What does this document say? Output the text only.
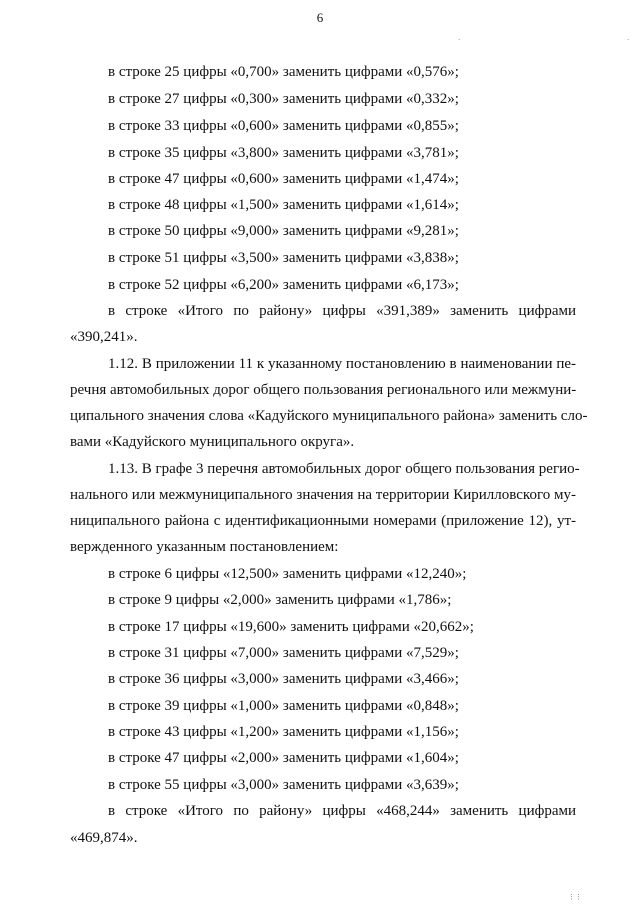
6
в строке 25 цифры «0,700» заменить цифрами «0,576»;
в строке 27 цифры «0,300» заменить цифрами «0,332»;
в строке 33 цифры «0,600» заменить цифрами «0,855»;
в строке 35 цифры «3,800» заменить цифрами «3,781»;
в строке 47 цифры «0,600» заменить цифрами «1,474»;
в строке 48 цифры «1,500» заменить цифрами «1,614»;
в строке 50 цифры «9,000» заменить цифрами «9,281»;
в строке 51 цифры «3,500» заменить цифрами «3,838»;
в строке 52 цифры «6,200» заменить цифрами «6,173»;
в строке «Итого по району» цифры «391,389» заменить цифрами
«390,241».
1.12. В приложении 11 к указанному постановлению в наименовании пе-
речня автомобильных дорог общего пользования регионального или межмуни-
ципального значения слова «Кадуйского муниципального района» заменить сло-
вами «Кадуйского муниципального округа».
1.13. В графе 3 перечня автомобильных дорог общего пользования регио-
нального или межмуниципального значения на территории Кирилловского му-
ниципального района с идентификационными номерами (приложение 12), ут-
вержденного указанным постановлением:
в строке 6 цифры «12,500» заменить цифрами «12,240»;
в строке 9 цифры «2,000» заменить цифрами «1,786»;
в строке 17 цифры «19,600» заменить цифрами «20,662»;
в строке 31 цифры «7,000» заменить цифрами «7,529»;
в строке 36 цифры «3,000» заменить цифрами «3,466»;
в строке 39 цифры «1,000» заменить цифрами «0,848»;
в строке 43 цифры «1,200» заменить цифрами «1,156»;
в строке 47 цифры «2,000» заменить цифрами «1,604»;
в строке 55 цифры «3,000» заменить цифрами «3,639»;
в строке «Итого по району» цифры «468,244» заменить цифрами
«469,874».
⋅	⋅
⋮⋮
